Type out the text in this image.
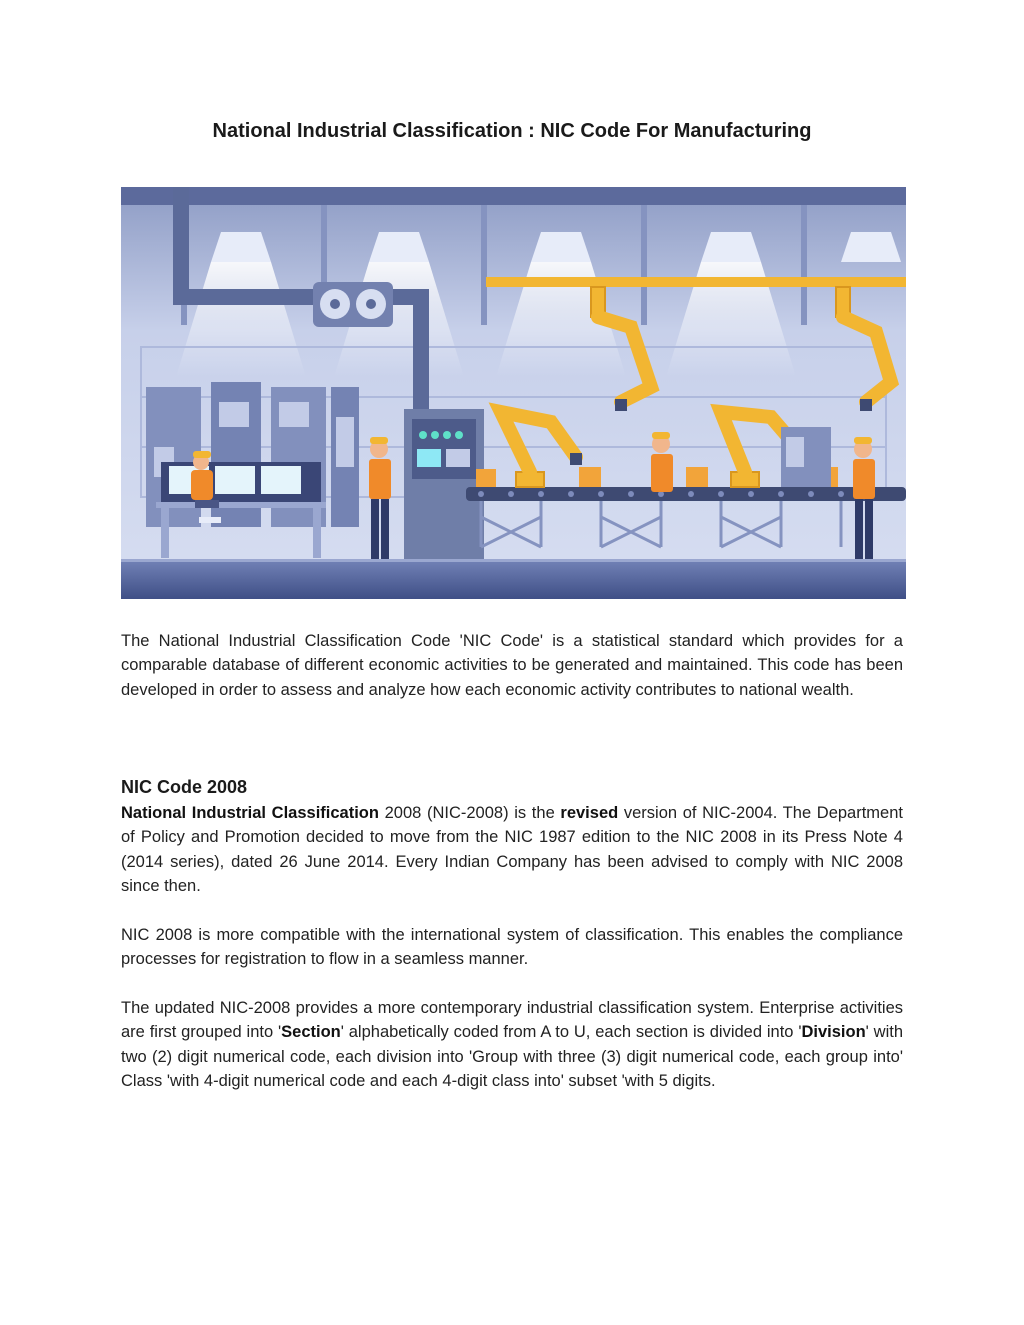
National Industrial Classification : NIC Code For Manufacturing

The National Industrial Classification Code 'NIC Code' is a statistical standard which provides for a comparable database of different economic activities to be generated and maintained. This code has been developed in order to assess and analyze how each economic activity contributes to national wealth.

NIC Code 2008

National Industrial Classification 2008 (NIC-2008) is the revised version of NIC-2004. The Department of Policy and Promotion decided to move from the NIC 1987 edition to the NIC 2008 in its Press Note 4 (2014 series), dated 26 June 2014. Every Indian Company has been advised to comply with NIC 2008 since then.

NIC 2008 is more compatible with the international system of classification. This enables the compliance processes for registration to flow in a seamless manner.

The updated NIC-2008 provides a more contemporary industrial classification system. Enterprise activities are first grouped into 'Section' alphabetically coded from A to U, each section is divided into 'Division' with two (2) digit numerical code, each division into 'Group with three (3) digit numerical code, each group into' Class 'with 4-digit numerical code and each 4-digit class into' subset 'with 5 digits.
